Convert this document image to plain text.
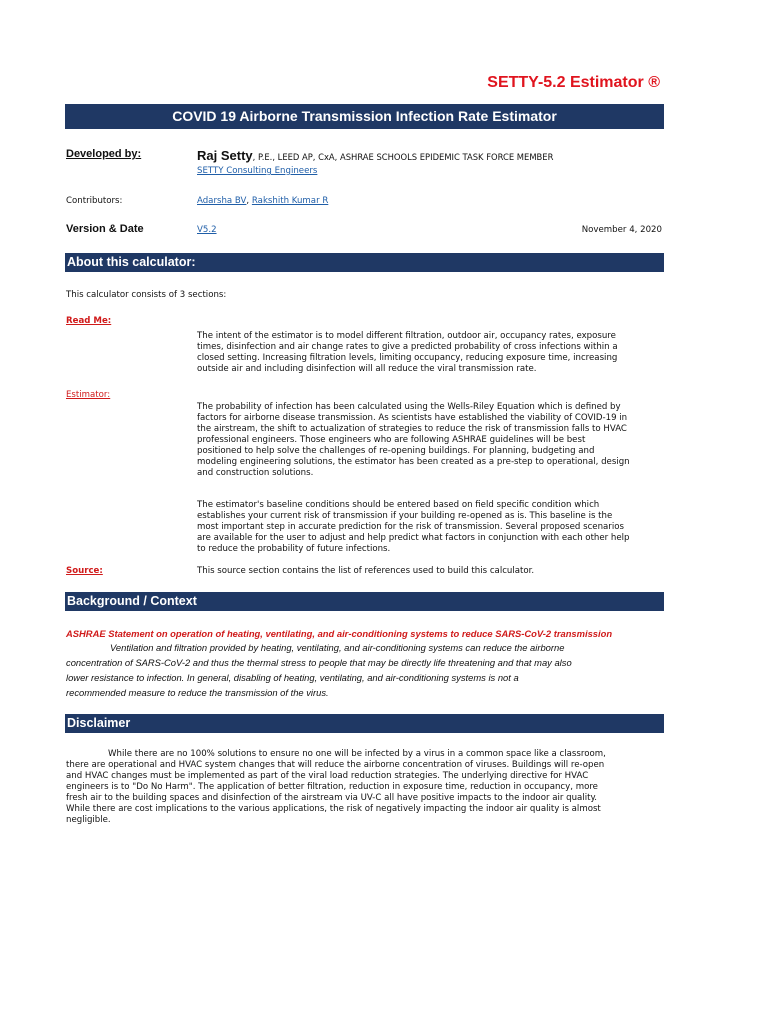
SETTY-5.2 Estimator ®
COVID 19 Airborne Transmission Infection Rate Estimator
Developed by:	Raj Setty, P.E., LEED AP, CxA, ASHRAE SCHOOLS EPIDEMIC TASK FORCE MEMBER
SETTY Consulting Engineers
Contributors:	Adarsha BV, Rakshith Kumar R
Version & Date	V5.2	November 4, 2020
About this calculator:
This calculator consists of 3 sections:
Read Me:
The intent of the estimator is to model different filtration, outdoor air, occupancy rates, exposure
times, disinfection and air change rates to give a predicted probability of cross infections within a
closed setting. Increasing filtration levels, limiting occupancy, reducing exposure time, increasing
outside air and including disinfection will all reduce the viral transmission rate.
Estimator:
The probability of infection has been calculated using the Wells-Riley Equation which is defined by
factors for airborne disease transmission. As scientists have established the viability of COVID-19 in
the airstream, the shift to actualization of strategies to reduce the risk of transmission falls to HVAC
professional engineers. Those engineers who are following ASHRAE guidelines will be best
positioned to help solve the challenges of re-opening buildings. For planning, budgeting and
modeling engineering solutions, the estimator has been created as a pre-step to operational, design
and construction solutions.
The estimator's baseline conditions should be entered based on field specific condition which
establishes your current risk of transmission if your building re-opened as is. This baseline is the
most important step in accurate prediction for the risk of transmission. Several proposed scenarios
are available for the user to adjust and help predict what factors in conjunction with each other help
to reduce the probability of future infections.
Source:	This source section contains the list of references used to build this calculator.
Background / Context
ASHRAE Statement on operation of heating, ventilating, and air-conditioning systems to reduce SARS-CoV-2 transmission
Ventilation and filtration provided by heating, ventilating, and air-conditioning systems can reduce the airborne
concentration of SARS-CoV-2 and thus the thermal stress to people that may be directly life threatening and that may also
lower resistance to infection. In general, disabling of heating, ventilating, and air-conditioning systems is not a
recommended measure to reduce the transmission of the virus.
Disclaimer
While there are no 100% solutions to ensure no one will be infected by a virus in a common space like a classroom,
there are operational and HVAC system changes that will reduce the airborne concentration of viruses. Buildings will re-open
and HVAC changes must be implemented as part of the viral load reduction strategies. The underlying directive for HVAC
engineers is to "Do No Harm". The application of better filtration, reduction in exposure time, reduction in occupancy, more
fresh air to the building spaces and disinfection of the airstream via UV-C all have positive impacts to the indoor air quality.
While there are cost implications to the various applications, the risk of negatively impacting the indoor air quality is almost
negligible.
